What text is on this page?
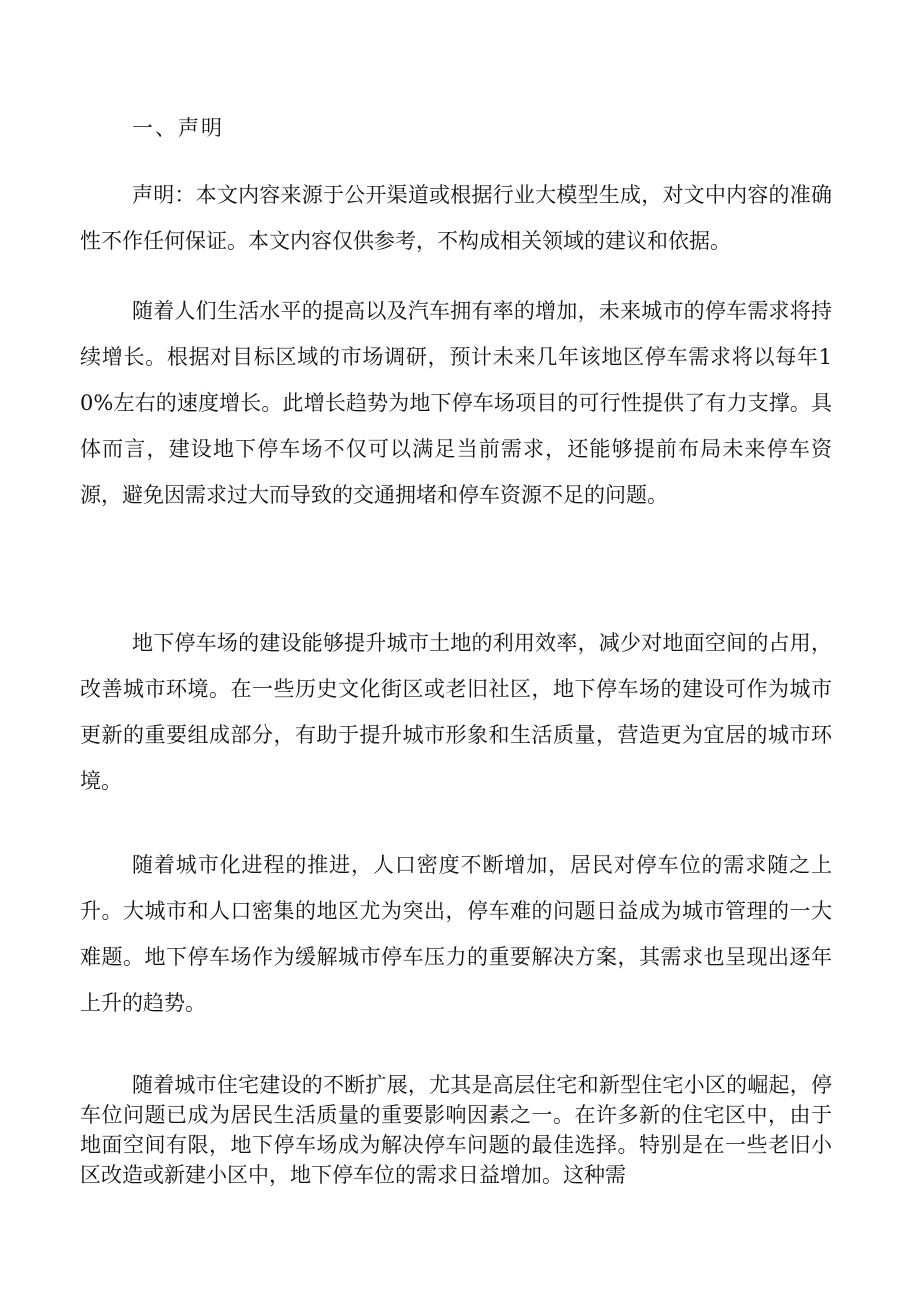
一、声明

声明：本文内容来源于公开渠道或根据行业大模型生成，对文中内容的准确性不作任何保证。本文内容仅供参考，不构成相关领域的建议和依据。

随着人们生活水平的提高以及汽车拥有率的增加，未来城市的停车需求将持续增长。根据对目标区域的市场调研，预计未来几年该地区停车需求将以每年10%左右的速度增长。此增长趋势为地下停车场项目的可行性提供了有力支撑。具体而言，建设地下停车场不仅可以满足当前需求，还能够提前布局未来停车资源，避免因需求过大而导致的交通拥堵和停车资源不足的问题。

地下停车场的建设能够提升城市土地的利用效率，减少对地面空间的占用，改善城市环境。在一些历史文化街区或老旧社区，地下停车场的建设可作为城市更新的重要组成部分，有助于提升城市形象和生活质量，营造更为宜居的城市环境。

随着城市化进程的推进，人口密度不断增加，居民对停车位的需求随之上升。大城市和人口密集的地区尤为突出，停车难的问题日益成为城市管理的一大难题。地下停车场作为缓解城市停车压力的重要解决方案，其需求也呈现出逐年上升的趋势。

随着城市住宅建设的不断扩展，尤其是高层住宅和新型住宅小区的崛起，停车位问题已成为居民生活质量的重要影响因素之一。在许多新的住宅区中，由于地面空间有限，地下停车场成为解决停车问题的最佳选择。特别是在一些老旧小区改造或新建小区中，地下停车位的需求日益增加。这种需
